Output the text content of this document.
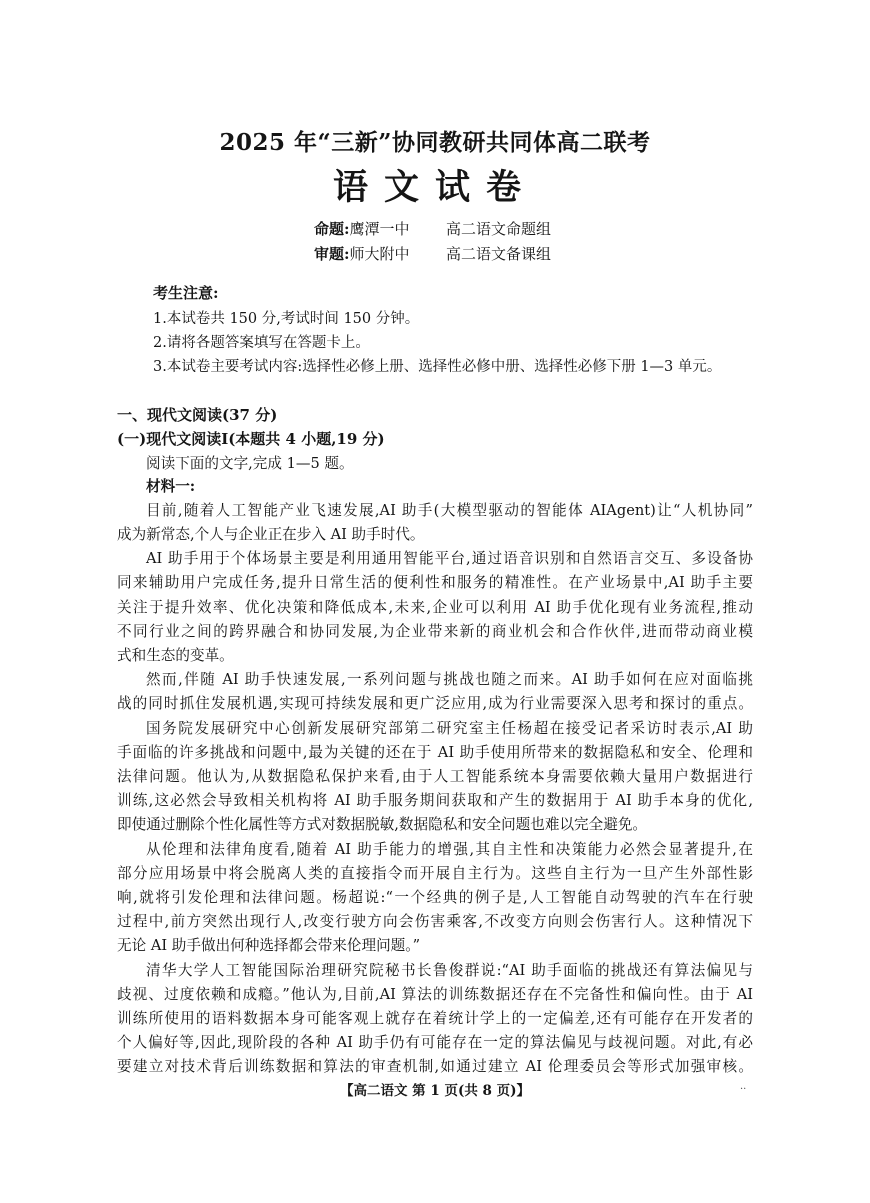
2025 年“三新”协同教研共同体高二联考
语文试卷
命题:鹰潭一中 高二语文命题组
审题:师大附中 高二语文备课组
考生注意:
1.本试卷共 150 分,考试时间 150 分钟。
2.请将各题答案填写在答题卡上。
3.本试卷主要考试内容:选择性必修上册、选择性必修中册、选择性必修下册 1—3 单元。
一、现代文阅读(37 分)
(一)现代文阅读Ⅰ(本题共 4 小题,19 分)
阅读下面的文字,完成 1—5 题。
材料一:
目前,随着人工智能产业飞速发展,AI 助手(大模型驱动的智能体 AIAgent)让“人机协同”
成为新常态,个人与企业正在步入 AI 助手时代。
AI 助手用于个体场景主要是利用通用智能平台,通过语音识别和自然语言交互、多设备协
同来辅助用户完成任务,提升日常生活的便利性和服务的精准性。在产业场景中,AI 助手主要
关注于提升效率、优化决策和降低成本,未来,企业可以利用 AI 助手优化现有业务流程,推动
不同行业之间的跨界融合和协同发展,为企业带来新的商业机会和合作伙伴,进而带动商业模
式和生态的变革。
然而,伴随 AI 助手快速发展,一系列问题与挑战也随之而来。AI 助手如何在应对面临挑
战的同时抓住发展机遇,实现可持续发展和更广泛应用,成为行业需要深入思考和探讨的重点。
国务院发展研究中心创新发展研究部第二研究室主任杨超在接受记者采访时表示,AI 助
手面临的许多挑战和问题中,最为关键的还在于 AI 助手使用所带来的数据隐私和安全、伦理和
法律问题。他认为,从数据隐私保护来看,由于人工智能系统本身需要依赖大量用户数据进行
训练,这必然会导致相关机构将 AI 助手服务期间获取和产生的数据用于 AI 助手本身的优化,
即使通过删除个性化属性等方式对数据脱敏,数据隐私和安全问题也难以完全避免。
从伦理和法律角度看,随着 AI 助手能力的增强,其自主性和决策能力必然会显著提升,在
部分应用场景中将会脱离人类的直接指令而开展自主行为。这些自主行为一旦产生外部性影
响,就将引发伦理和法律问题。杨超说:“一个经典的例子是,人工智能自动驾驶的汽车在行驶
过程中,前方突然出现行人,改变行驶方向会伤害乘客,不改变方向则会伤害行人。这种情况下
无论 AI 助手做出何种选择都会带来伦理问题。”
清华大学人工智能国际治理研究院秘书长鲁俊群说:“AI 助手面临的挑战还有算法偏见与
歧视、过度依赖和成瘾。”他认为,目前,AI 算法的训练数据还存在不完备性和偏向性。由于 AI
训练所使用的语料数据本身可能客观上就存在着统计学上的一定偏差,还有可能存在开发者的
个人偏好等,因此,现阶段的各种 AI 助手仍有可能存在一定的算法偏见与歧视问题。对此,有必
要建立对技术背后训练数据和算法的审查机制,如通过建立 AI 伦理委员会等形式加强审核。
【高二语文 第 1 页(共 8 页)】	··
